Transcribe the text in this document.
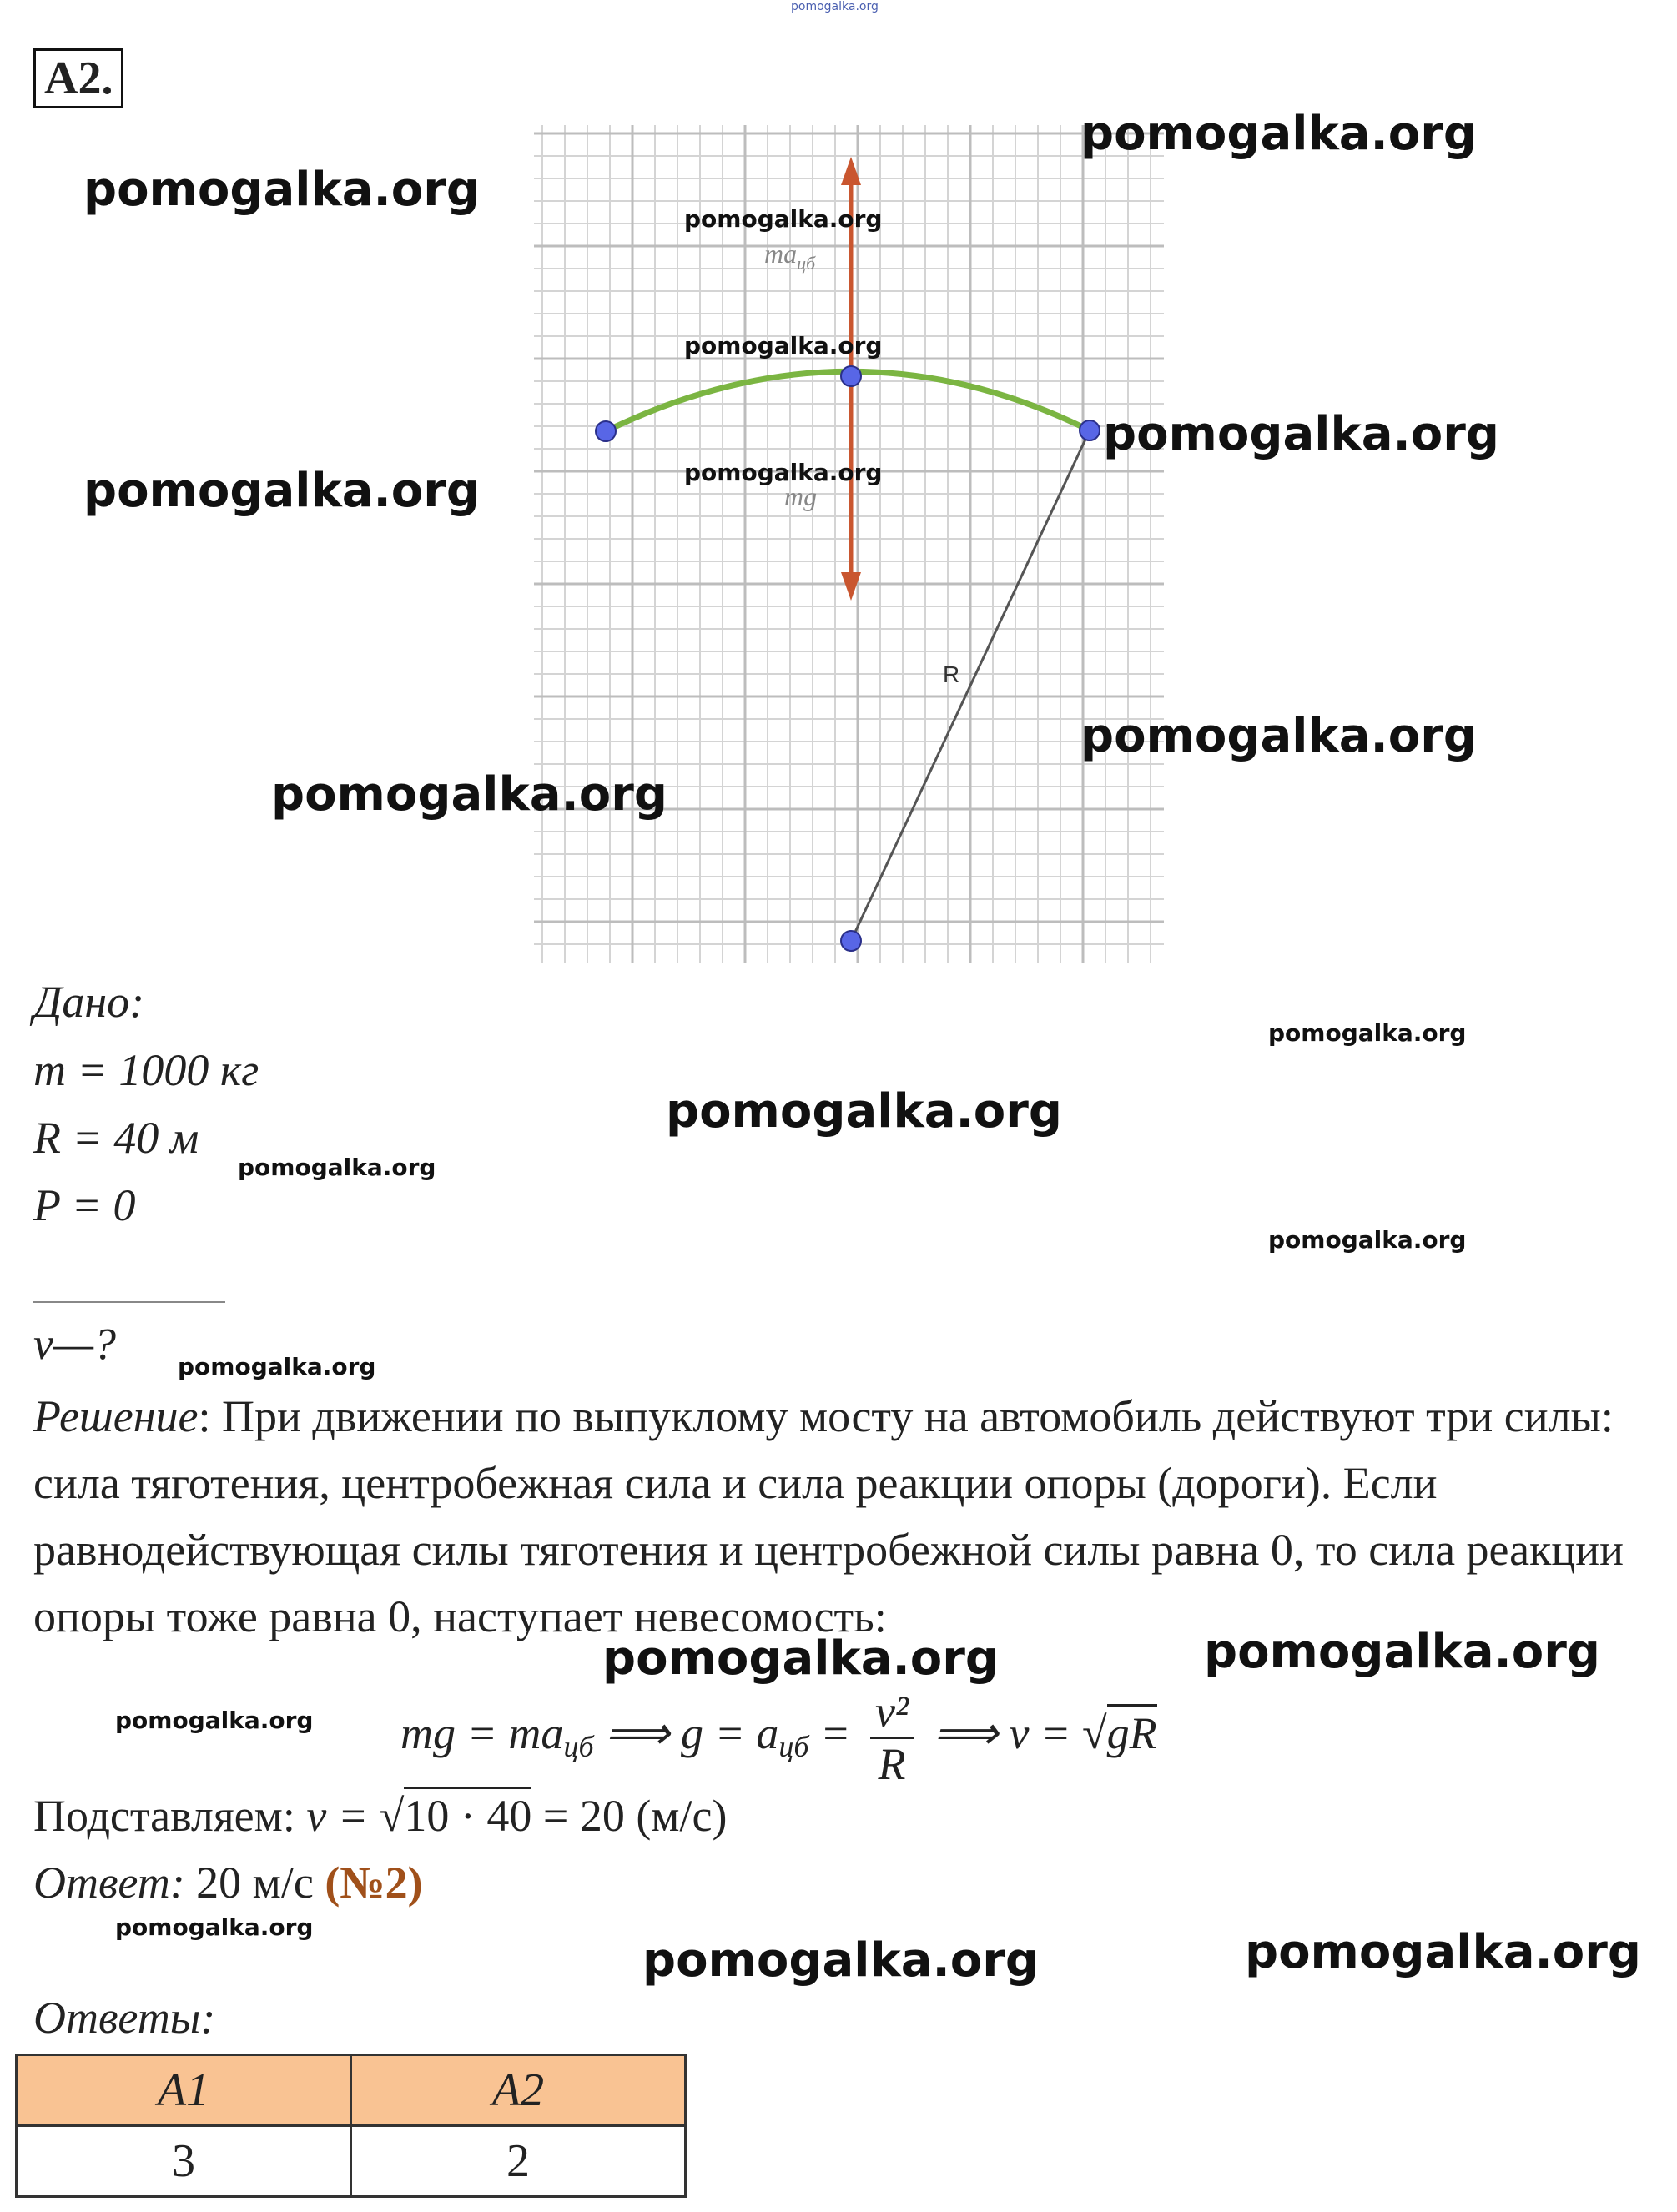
pomogalka.org
А2.
$ma_{цб}$
mg
R
pomogalka.org
pomogalka.org
pomogalka.org
pomogalka.org
pomogalka.org
pomogalka.org
pomogalka.org
pomogalka.org
pomogalka.org
pomogalka.org
pomogalka.org
pomogalka.org
pomogalka.org
pomogalka.org
pomogalka.org	pomogalka.org
pomogalka.org
pomogalka.org
pomogalka.org	pomogalka.org
Дано:
m = 1000 кг
R = 40 м
P = 0
v—?
Решение: При движении по выпуклому мосту на автомобиль действуют три силы: сила тяготения, центробежная сила и сила реакции опоры (дороги). Если равнодействующая силы тяготения и центробежной силы равна 0, то сила реакции опоры тоже равна 0, наступает невесомость:
mg = $ma_{цб}$ ⟹ $g = a_{цб} = \frac{\text{v²}}{R}$ ⟹ v = √gR
Подставляем: v = √10 · 40 = 20 (м/с)
Ответ: 20 м/с (№2)
Ответы:
А1	А2
3	2
